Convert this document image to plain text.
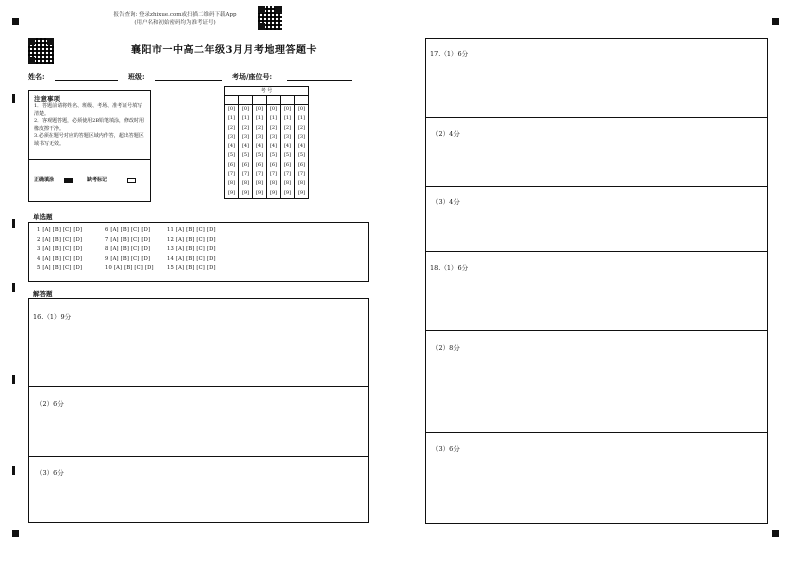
报告查询: 登录zhixue.com或扫描二维码下载App
(用户名和初始密码均为准考证号)
襄阳市一中高二年级3月月考地理答题卡
姓名:	班级:	考场/座位号:
注意事项
1．答题前请将姓名、班级、考场、准考证号填写清楚。
2．客观题答题，必须使用2B铅笔填涂，修改时用橡皮擦干净。
3.必须在题号对应的答题区域内作答，超出答题区域书写无效。
正确填涂	缺考标记
考 号					

[0]	[0]	[0]	[0]	[0]	[0]
[1]	[1]	[1]	[1]	[1]	[1]
[2]	[2]	[2]	[2]	[2]	[2]
[3]	[3]	[3]	[3]	[3]	[3]
[4]	[4]	[4]	[4]	[4]	[4]
[5]	[5]	[5]	[5]	[5]	[5]
[6]	[6]	[6]	[6]	[6]	[6]
[7]	[7]	[7]	[7]	[7]	[7]
[8]	[8]	[8]	[8]	[8]	[8]
[9]	[9]	[9]	[9]	[9]	[9]
单选题
1 [A] [B] [C] [D]	6 [A] [B] [C] [D]	11 [A] [B] [C] [D]
2 [A] [B] [C] [D]	7 [A] [B] [C] [D]	12 [A] [B] [C] [D]
3 [A] [B] [C] [D]	8 [A] [B] [C] [D]	13 [A] [B] [C] [D]
4 [A] [B] [C] [D]	9 [A] [B] [C] [D]	14 [A] [B] [C] [D]
5 [A] [B] [C] [D]	10 [A] [B] [C] [D]	15 [A] [B] [C] [D]
解答题
16.（1）9分
（2）6分
（3）6分
17.（1）6分
（2）4分
（3）4分
18.（1）6分
（2）8分
（3）6分
